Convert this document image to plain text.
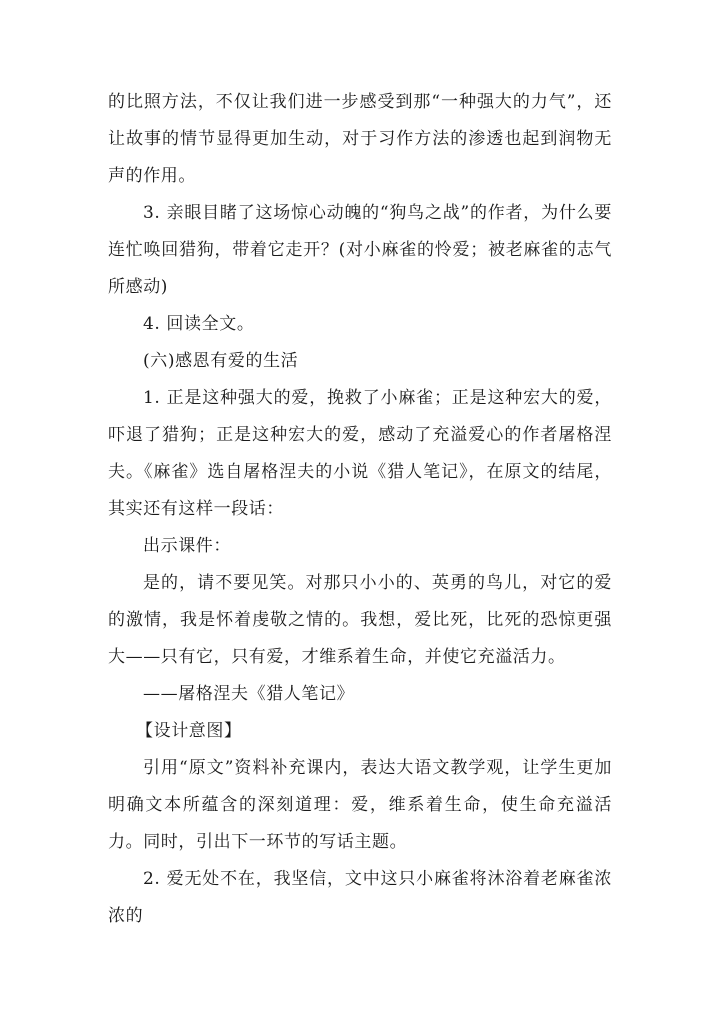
的比照方法，不仅让我们进一步感受到那“一种强大的力气”，还让故事的情节显得更加生动，对于习作方法的渗透也起到润物无声的作用。

3. 亲眼目睹了这场惊心动魄的“狗鸟之战”的作者，为什么要连忙唤回猎狗，带着它走开？(对小麻雀的怜爱；被老麻雀的志气所感动)

4. 回读全文。

(六)感恩有爱的生活

1. 正是这种强大的爱，挽救了小麻雀；正是这种宏大的爱，吓退了猎狗；正是这种宏大的爱，感动了充溢爱心的作者屠格涅夫。《麻雀》选自屠格涅夫的小说《猎人笔记》，在原文的结尾，其实还有这样一段话：

出示课件：

是的，请不要见笑。对那只小小的、英勇的鸟儿，对它的爱的激情，我是怀着虔敬之情的。我想，爱比死，比死的恐惊更强大——只有它，只有爱，才维系着生命，并使它充溢活力。

——屠格涅夫《猎人笔记》

【设计意图】

引用“原文”资料补充课内，表达大语文教学观，让学生更加明确文本所蕴含的深刻道理：爱，维系着生命，使生命充溢活力。同时，引出下一环节的写话主题。

2. 爱无处不在，我坚信，文中这只小麻雀将沐浴着老麻雀浓浓的
